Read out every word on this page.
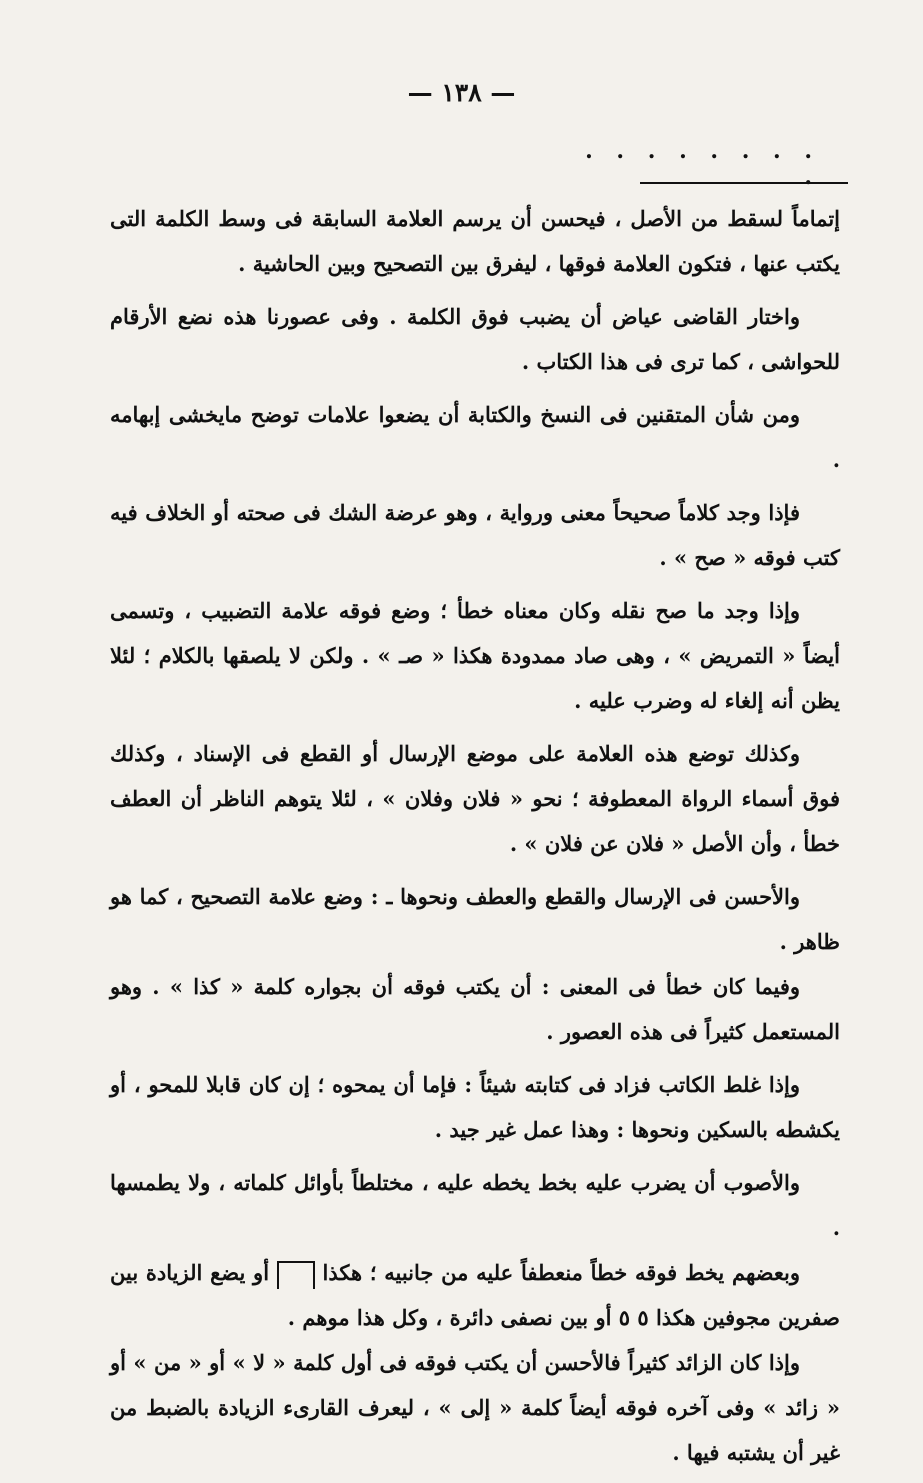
— ١٣٨ —
. . . . . . . . .

إتماماً لسقط من الأصل ، فيحسن أن يرسم العلامة السابقة فى وسط الكلمة التى يكتب عنها ، فتكون العلامة فوقها ، ليفرق بين التصحيح وبين الحاشية .

واختار القاضى عياض أن يضبب فوق الكلمة . وفى عصورنا هذه نضع الأرقام للحواشى ، كما ترى فى هذا الكتاب .

ومن شأن المتقنين فى النسخ والكتابة أن يضعوا علامات توضح مايخشى إبهامه .

فإذا وجد كلاماً صحيحاً معنى ورواية ، وهو عرضة الشك فى صحته أو الخلاف فيه كتب فوقه « صح » .

وإذا وجد ما صح نقله وكان معناه خطأ ؛ وضع فوقه علامة التضبيب ، وتسمى أيضاً « التمريض » ، وهى صاد ممدودة هكذا « صـ » . ولكن لا يلصقها بالكلام ؛ لئلا يظن أنه إلغاء له وضرب عليه .

وكذلك توضع هذه العلامة على موضع الإرسال أو القطع فى الإسناد ، وكذلك فوق أسماء الرواة المعطوفة ؛ نحو « فلان وفلان » ، لئلا يتوهم الناظر أن العطف خطأ ، وأن الأصل « فلان عن فلان » .

والأحسن فى الإرسال والقطع والعطف ونحوها ـ : وضع علامة التصحيح ، كما هو ظاهر .

وفيما كان خطأ فى المعنى : أن يكتب فوقه أن بجواره كلمة « كذا » . وهو المستعمل كثيراً فى هذه العصور .

وإذا غلط الكاتب فزاد فى كتابته شيئاً : فإما أن يمحوه ؛ إن كان قابلا للمحو ، أو يكشطه بالسكين ونحوها : وهذا عمل غير جيد .

والأصوب أن يضرب عليه بخط يخطه عليه ، مختلطاً بأوائل كلماته ، ولا يطمسها .

وبعضهم يخط فوقه خطاً منعطفاً عليه من جانبيه ؛ هكذا  أو يضع الزيادة بين صفرين مجوفين هكذا ٥ ٥ أو بين نصفى دائرة ، وكل هذا موهم .

وإذا كان الزائد كثيراً فالأحسن أن يكتب فوقه فى أول كلمة « لا » أو « من » أو « زائد » وفى آخره فوقه أيضاً كلمة « إلى » ، ليعرف القارىء الزيادة بالضبط من غير أن يشتبه فيها .
